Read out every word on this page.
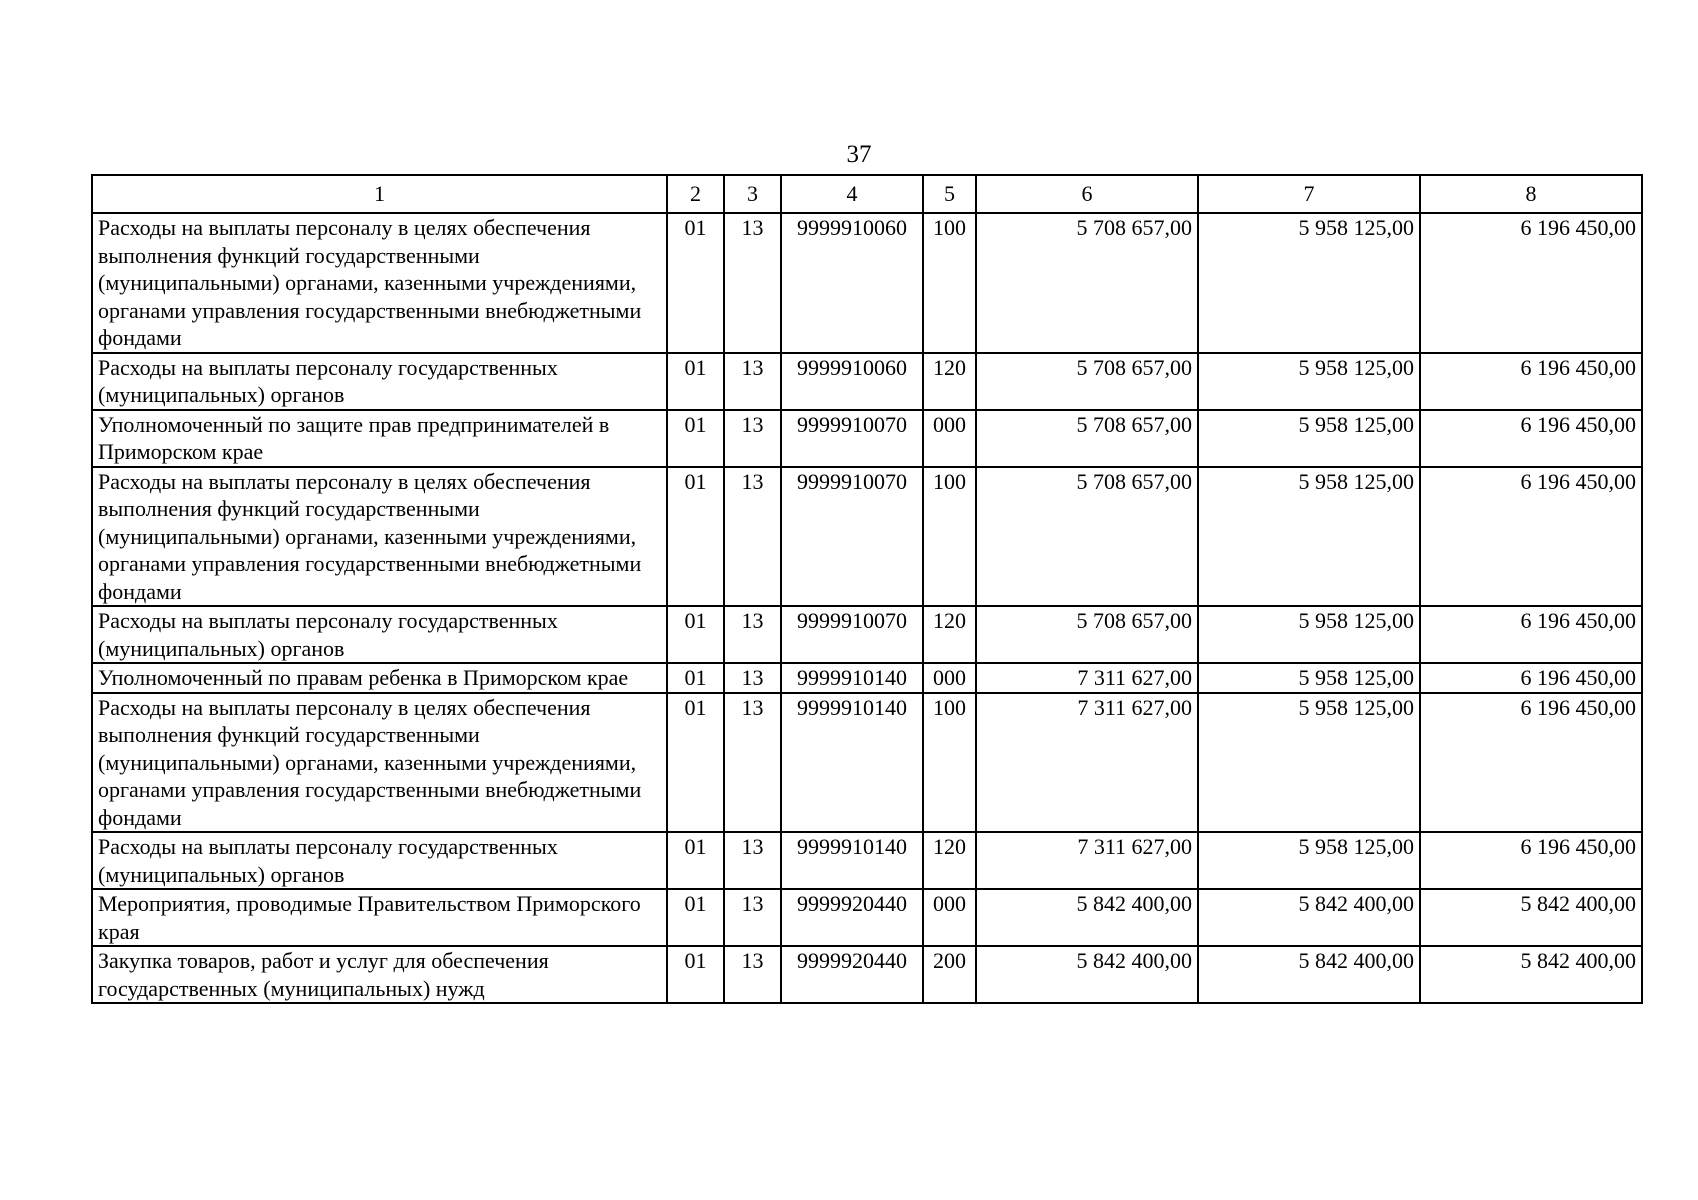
37
1	2	3	4	5	6	7	8
Расходы на выплаты персоналу в целях обеспечения выполнения функций государственными (муниципальными) органами, казенными учреждениями, органами управления государственными внебюджетными фондами	01	13	9999910060	100	5 708 657,00	5 958 125,00	6 196 450,00
Расходы на выплаты персоналу государственных (муниципальных) органов	01	13	9999910060	120	5 708 657,00	5 958 125,00	6 196 450,00
Уполномоченный по защите прав предпринимателей в Приморском крае	01	13	9999910070	000	5 708 657,00	5 958 125,00	6 196 450,00
Расходы на выплаты персоналу в целях обеспечения выполнения функций государственными (муниципальными) органами, казенными учреждениями, органами управления государственными внебюджетными фондами	01	13	9999910070	100	5 708 657,00	5 958 125,00	6 196 450,00
Расходы на выплаты персоналу государственных (муниципальных) органов	01	13	9999910070	120	5 708 657,00	5 958 125,00	6 196 450,00
Уполномоченный по правам ребенка в Приморском крае	01	13	9999910140	000	7 311 627,00	5 958 125,00	6 196 450,00
Расходы на выплаты персоналу в целях обеспечения выполнения функций государственными (муниципальными) органами, казенными учреждениями, органами управления государственными внебюджетными фондами	01	13	9999910140	100	7 311 627,00	5 958 125,00	6 196 450,00
Расходы на выплаты персоналу государственных (муниципальных) органов	01	13	9999910140	120	7 311 627,00	5 958 125,00	6 196 450,00
Мероприятия, проводимые Правительством Приморского края	01	13	9999920440	000	5 842 400,00	5 842 400,00	5 842 400,00
Закупка товаров, работ и услуг для обеспечения государственных (муниципальных) нужд	01	13	9999920440	200	5 842 400,00	5 842 400,00	5 842 400,00
